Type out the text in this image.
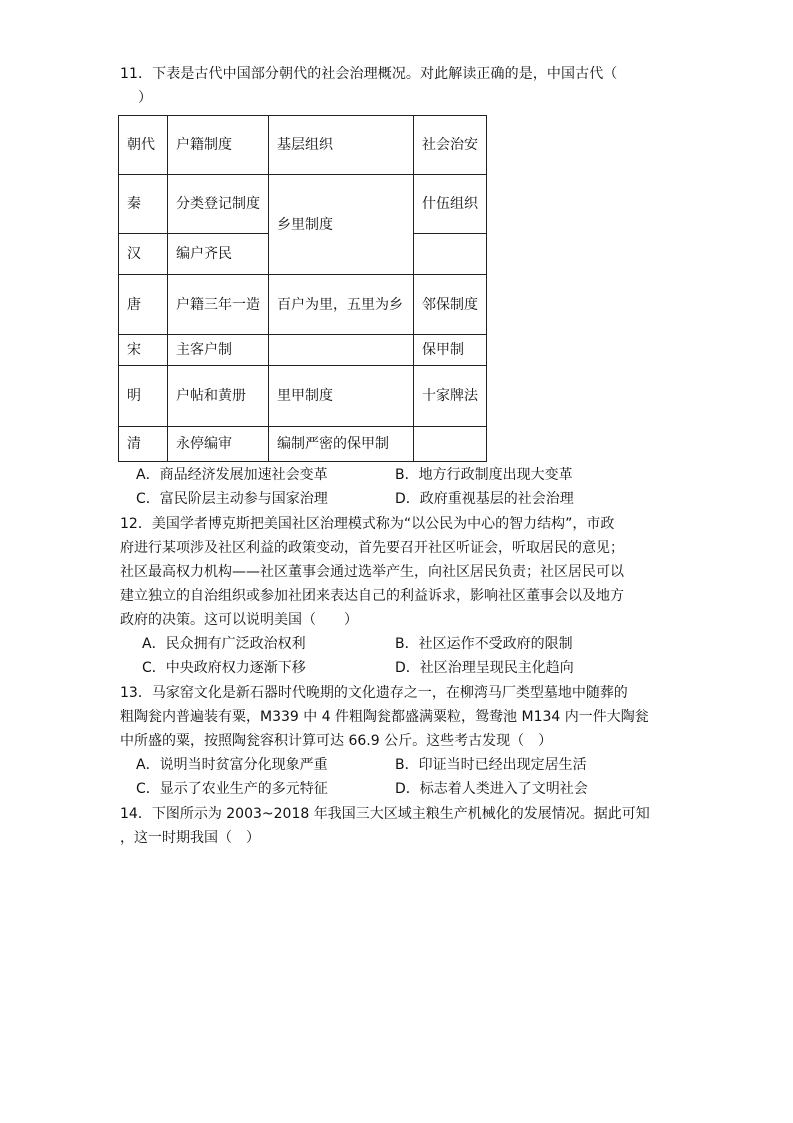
11．下表是古代中国部分朝代的社会治理概况。对此解读正确的是，中国古代（
）
朝代	户籍制度	基层组织	社会治安
秦	分类登记制度	乡里制度	什伍组织
汉	编户齐民		
唐	户籍三年一造	百户为里，五里为乡	邻保制度
宋	主客户制		保甲制
明	户帖和黄册	里甲制度	十家牌法
清	永停编审	编制严密的保甲制	
A．商品经济发展加速社会变革	B．地方行政制度出现大变革
C．富民阶层主动参与国家治理	D．政府重视基层的社会治理
12．美国学者博克斯把美国社区治理模式称为“以公民为中心的智力结构”，市政
府进行某项涉及社区利益的政策变动，首先要召开社区听证会，听取居民的意见；
社区最高权力机构——社区董事会通过选举产生，向社区居民负责；社区居民可以
建立独立的自治组织或参加社团来表达自己的利益诉求，影响社区董事会以及地方
政府的决策。这可以说明美国（　　）
A．民众拥有广泛政治权利	B．社区运作不受政府的限制
C．中央政府权力逐渐下移	D．社区治理呈现民主化趋向
13．马家窑文化是新石器时代晚期的文化遗存之一，在柳湾马厂类型墓地中随葬的
粗陶瓮内普遍装有粟，M339 中 4 件粗陶瓮都盛满粟粒，鸳鸯池 M134 内一件大陶瓮
中所盛的粟，按照陶瓮容积计算可达 66.9 公斤。这些考古发现（　）
A．说明当时贫富分化现象严重	B．印证当时已经出现定居生活
C．显示了农业生产的多元特征	D．标志着人类进入了文明社会
14．下图所示为 2003~2018 年我国三大区域主粮生产机械化的发展情况。据此可知
，这一时期我国（　）
